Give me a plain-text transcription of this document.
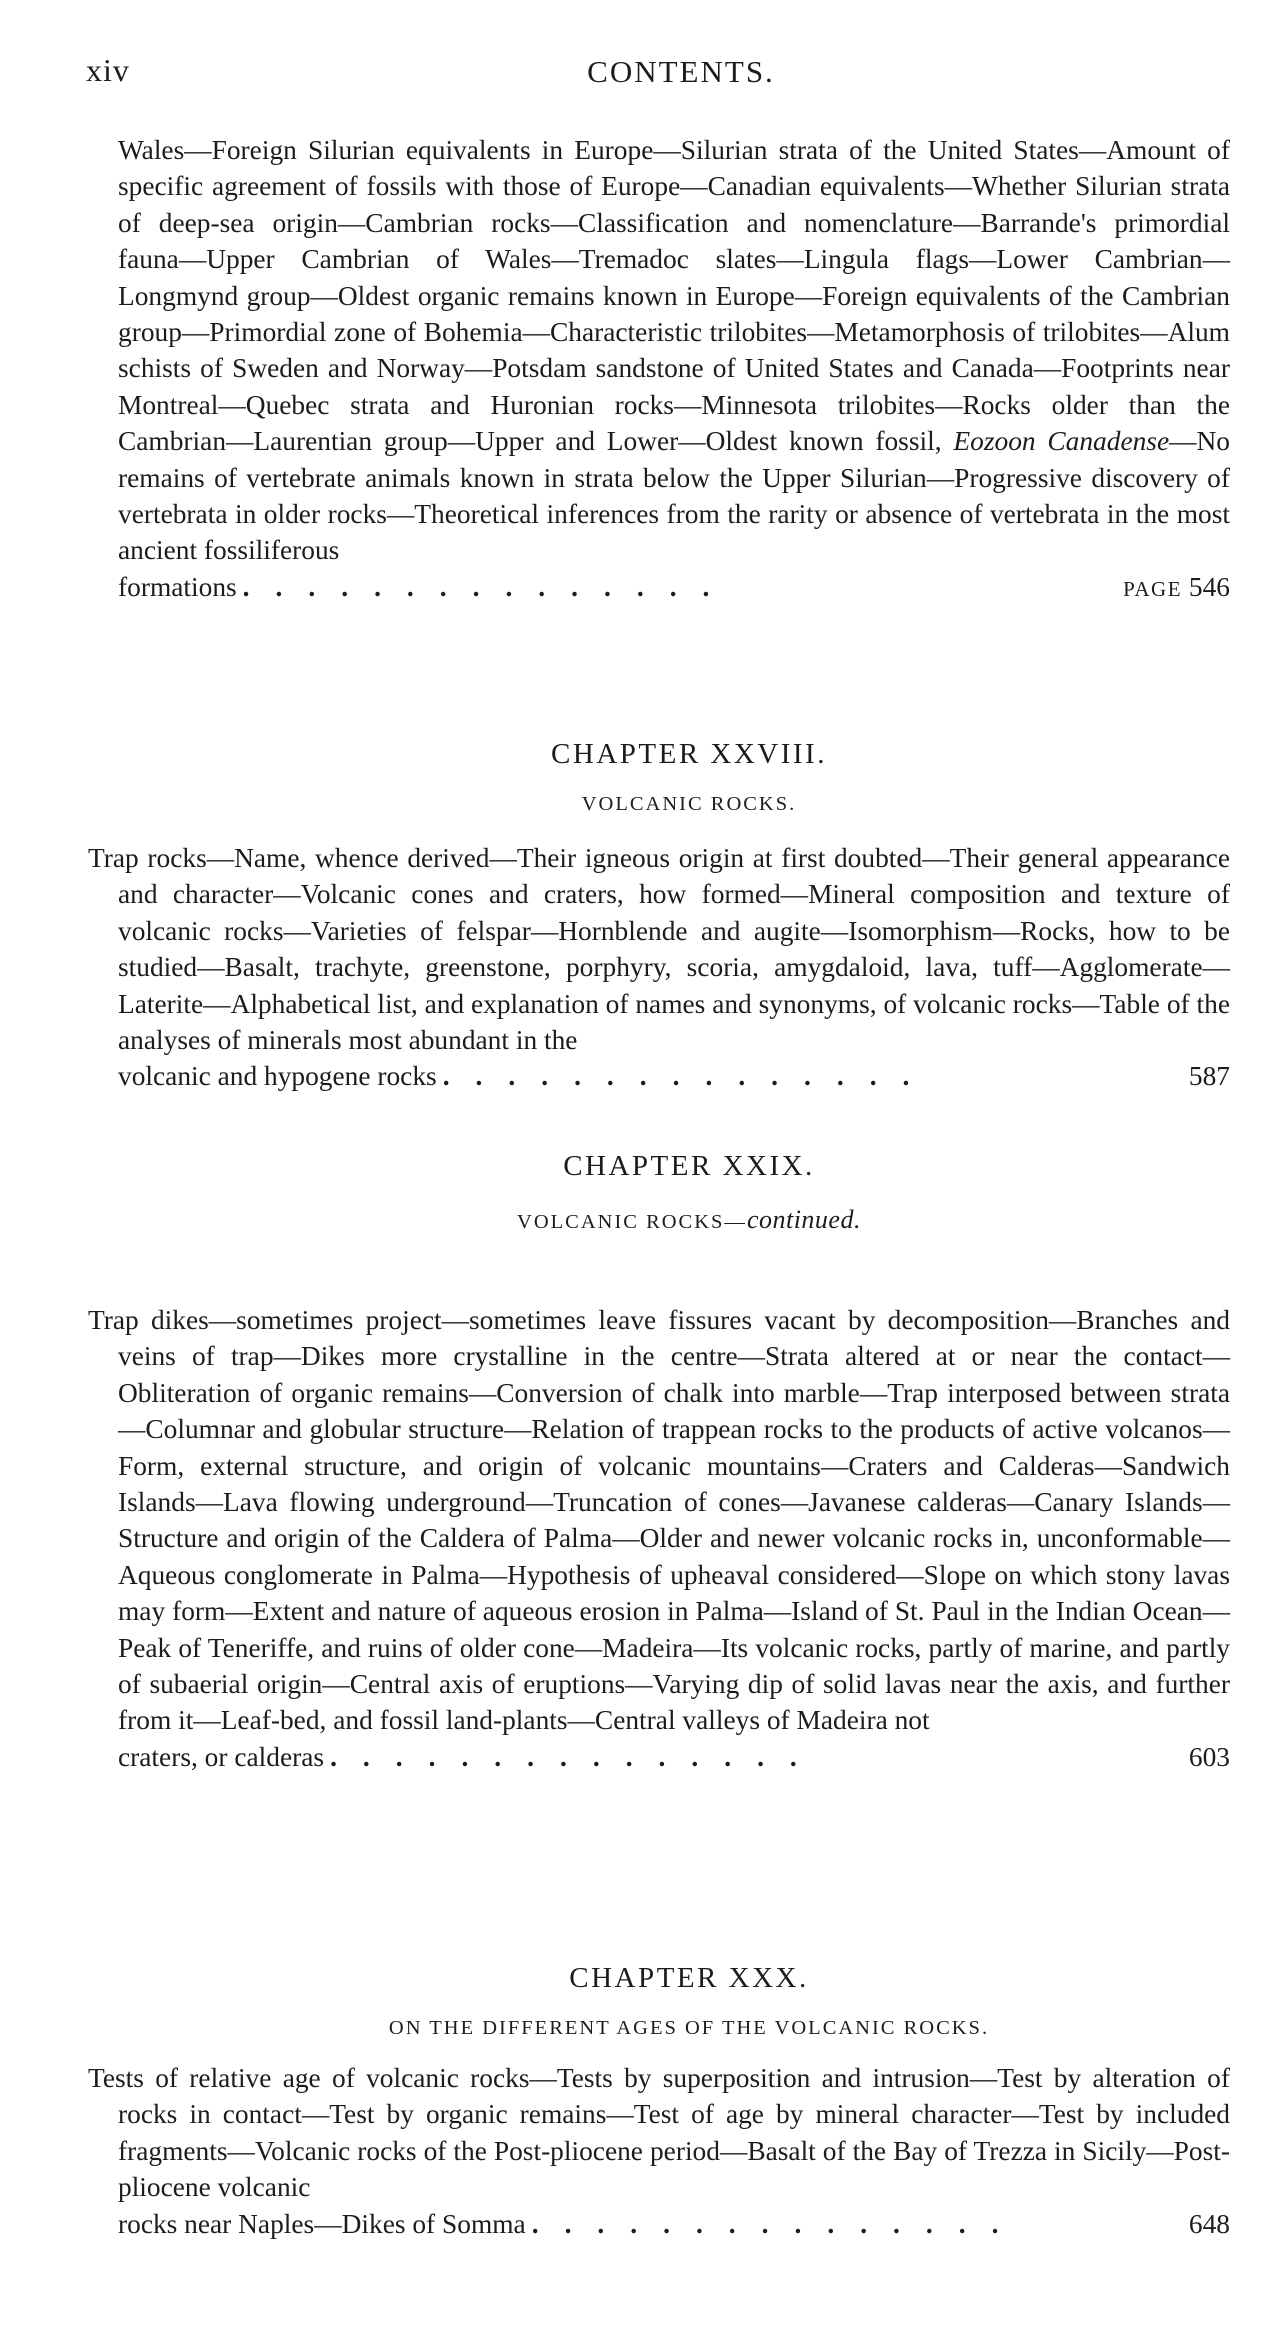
xiv	CONTENTS.

Wales—Foreign Silurian equivalents in Europe—Silurian strata of the United States—Amount of specific agreement of fossils with those of Europe—Canadian equivalents—Whether Silurian strata of deep-sea origin—Cambrian rocks—Classification and nomenclature—Barrande's primordial fauna—Upper Cambrian of Wales—Tremadoc slates—Lingula flags—Lower Cambrian—Longmynd group—Oldest organic remains known in Europe—Foreign equivalents of the Cambrian group—Primordial zone of Bohemia—Characteristic trilobites—Metamorphosis of trilobites—Alum schists of Sweden and Norway—Potsdam sandstone of United States and Canada—Footprints near Montreal—Quebec strata and Huronian rocks—Minnesota trilobites—Rocks older than the Cambrian—Laurentian group—Upper and Lower—Oldest known fossil, Eozoon Canadense—No remains of vertebrate animals known in strata below the Upper Silurian—Progressive discovery of vertebrata in older rocks—Theoretical inferences from the rarity or absence of vertebrata in the most ancient fossiliferous

formations ...............	PAGE 546
CHAPTER XXVIII.
VOLCANIC ROCKS.

Trap rocks—Name, whence derived—Their igneous origin at first doubted—Their general appearance and character—Volcanic cones and craters, how formed—Mineral composition and texture of volcanic rocks—Varieties of felspar—Hornblende and augite—Isomorphism—Rocks, how to be studied—Basalt, trachyte, greenstone, porphyry, scoria, amygdaloid, lava, tuff—Agglomerate—Laterite—Alphabetical list, and explanation of names and synonyms, of volcanic rocks—Table of the analyses of minerals most abundant in the

volcanic and hypogene rocks ...............	587
CHAPTER XXIX.
VOLCANIC ROCKS—continued.

Trap dikes—sometimes project—sometimes leave fissures vacant by decomposition—Branches and veins of trap—Dikes more crystalline in the centre—Strata altered at or near the contact—Obliteration of organic remains—Conversion of chalk into marble—Trap interposed between strata—Columnar and globular structure—Relation of trappean rocks to the products of active volcanos—Form, external structure, and origin of volcanic mountains—Craters and Calderas—Sandwich Islands—Lava flowing underground—Truncation of cones—Javanese calderas—Canary Islands—Structure and origin of the Caldera of Palma—Older and newer volcanic rocks in, unconformable—Aqueous conglomerate in Palma—Hypothesis of upheaval considered—Slope on which stony lavas may form—Extent and nature of aqueous erosion in Palma—Island of St. Paul in the Indian Ocean—Peak of Teneriffe, and ruins of older cone—Madeira—Its volcanic rocks, partly of marine, and partly of subaerial origin—Central axis of eruptions—Varying dip of solid lavas near the axis, and further from it—Leaf-bed, and fossil land-plants—Central valleys of Madeira not

craters, or calderas ...............	603
CHAPTER XXX.
ON THE DIFFERENT AGES OF THE VOLCANIC ROCKS.

Tests of relative age of volcanic rocks—Tests by superposition and intrusion—Test by alteration of rocks in contact—Test by organic remains—Test of age by mineral character—Test by included fragments—Volcanic rocks of the Post-pliocene period—Basalt of the Bay of Trezza in Sicily—Post-pliocene volcanic

rocks near Naples—Dikes of Somma ...............	648
